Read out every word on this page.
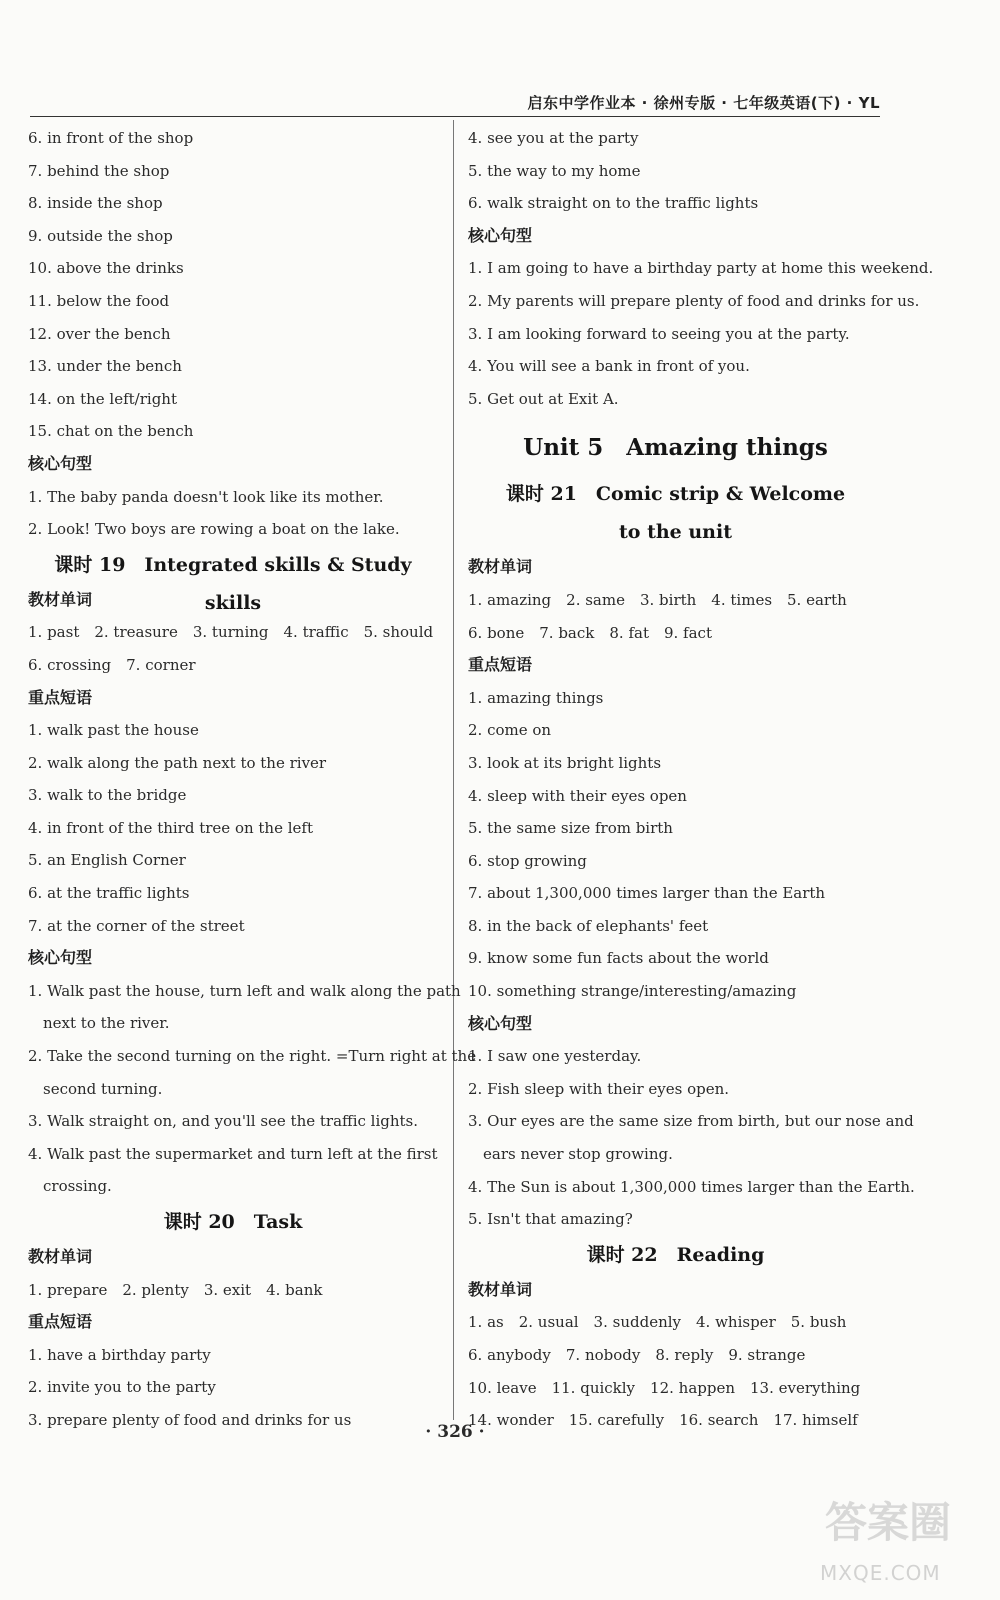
启东中学作业本 · 徐州专版 · 七年级英语(下) · YL
6. in front of the shop
7. behind the shop
8. inside the shop
9. outside the shop
10. above the drinks
11. below the food
12. over the bench
13. under the bench
14. on the left/right
15. chat on the bench
核心句型
1. The baby panda doesn't look like its mother.
2. Look! Two boys are rowing a boat on the lake.
课时 19　Integrated skills & Study skills
教材单词
1. past　2. treasure　3. turning　4. traffic　5. should
6. crossing　7. corner
重点短语
1. walk past the house
2. walk along the path next to the river
3. walk to the bridge
4. in front of the third tree on the left
5. an English Corner
6. at the traffic lights
7. at the corner of the street
核心句型
1. Walk past the house, turn left and walk along the path
next to the river.
2. Take the second turning on the right. =Turn right at the
second turning.
3. Walk straight on, and you'll see the traffic lights.
4. Walk past the supermarket and turn left at the first
crossing.
课时 20　Task
教材单词
1. prepare　2. plenty　3. exit　4. bank
重点短语
1. have a birthday party
2. invite you to the party
3. prepare plenty of food and drinks for us
4. see you at the party
5. the way to my home
6. walk straight on to the traffic lights
核心句型
1. I am going to have a birthday party at home this weekend.
2. My parents will prepare plenty of food and drinks for us.
3. I am looking forward to seeing you at the party.
4. You will see a bank in front of you.
5. Get out at Exit A.
Unit 5　Amazing things
课时 21　Comic strip & Welcome
to the unit
教材单词
1. amazing　2. same　3. birth　4. times　5. earth
6. bone　7. back　8. fat　9. fact
重点短语
1. amazing things
2. come on
3. look at its bright lights
4. sleep with their eyes open
5. the same size from birth
6. stop growing
7. about 1,300,000 times larger than the Earth
8. in the back of elephants' feet
9. know some fun facts about the world
10. something strange/interesting/amazing
核心句型
1. I saw one yesterday.
2. Fish sleep with their eyes open.
3. Our eyes are the same size from birth, but our nose and
ears never stop growing.
4. The Sun is about 1,300,000 times larger than the Earth.
5. Isn't that amazing?
课时 22　Reading
教材单词
1. as　2. usual　3. suddenly　4. whisper　5. bush
6. anybody　7. nobody　8. reply　9. strange
10. leave　11. quickly　12. happen　13. everything
14. wonder　15. carefully　16. search　17. himself
· 326 ·
答案圈
MXQE.COM
